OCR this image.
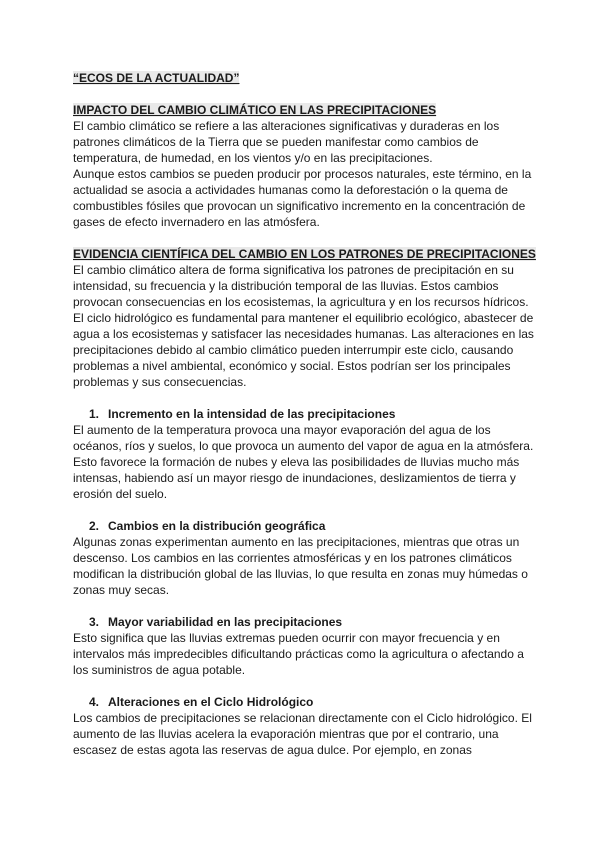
“ECOS DE LA ACTUALIDAD”

IMPACTO DEL CAMBIO CLIMÁTICO EN LAS PRECIPITACIONES

El cambio climático se refiere a las alteraciones significativas y duraderas en los patrones climáticos de la Tierra que se pueden manifestar como cambios de temperatura, de humedad, en los vientos y/o en las precipitaciones.

Aunque estos cambios se pueden producir por procesos naturales, este término, en la actualidad se asocia a actividades humanas como la deforestación o la quema de combustibles fósiles que provocan un significativo incremento en la concentración de gases de efecto invernadero en las atmósfera.

EVIDENCIA CIENTÍFICA DEL CAMBIO EN LOS PATRONES DE PRECIPITACIONES

El cambio climático altera de forma significativa los patrones de precipitación en su intensidad, su frecuencia y la distribución temporal de las lluvias. Estos cambios provocan consecuencias en los ecosistemas, la agricultura y en los recursos hídricos. El ciclo hidrológico es fundamental para mantener el equilibrio ecológico, abastecer de agua a los ecosistemas y satisfacer las necesidades humanas. Las alteraciones en las precipitaciones debido al cambio climático pueden interrumpir este ciclo, causando problemas a nivel ambiental, económico y social. Estos podrían ser los principales problemas y sus consecuencias.

1. Incremento en la intensidad de las precipitaciones

El aumento de la temperatura provoca una mayor evaporación del agua de los océanos, ríos y suelos, lo que provoca un aumento del vapor de agua en la atmósfera. Esto favorece la formación de nubes y eleva las posibilidades de lluvias mucho más intensas, habiendo así un mayor riesgo de inundaciones, deslizamientos de tierra y erosión del suelo.

2. Cambios en la distribución geográfica

Algunas zonas experimentan aumento en las precipitaciones, mientras que otras un descenso. Los cambios en las corrientes atmosféricas y en los patrones climáticos modifican la distribución global de las lluvias, lo que resulta en zonas muy húmedas o zonas muy secas.

3. Mayor variabilidad en las precipitaciones

Esto significa que las lluvias extremas pueden ocurrir con mayor frecuencia y en intervalos más impredecibles dificultando prácticas como la agricultura o afectando a los suministros de agua potable.

4. Alteraciones en el Ciclo Hidrológico

Los cambios de precipitaciones se relacionan directamente con el Ciclo hidrológico. El aumento de las lluvias acelera la evaporación mientras que por el contrario, una escasez de estas agota las reservas de agua dulce. Por ejemplo, en zonas
